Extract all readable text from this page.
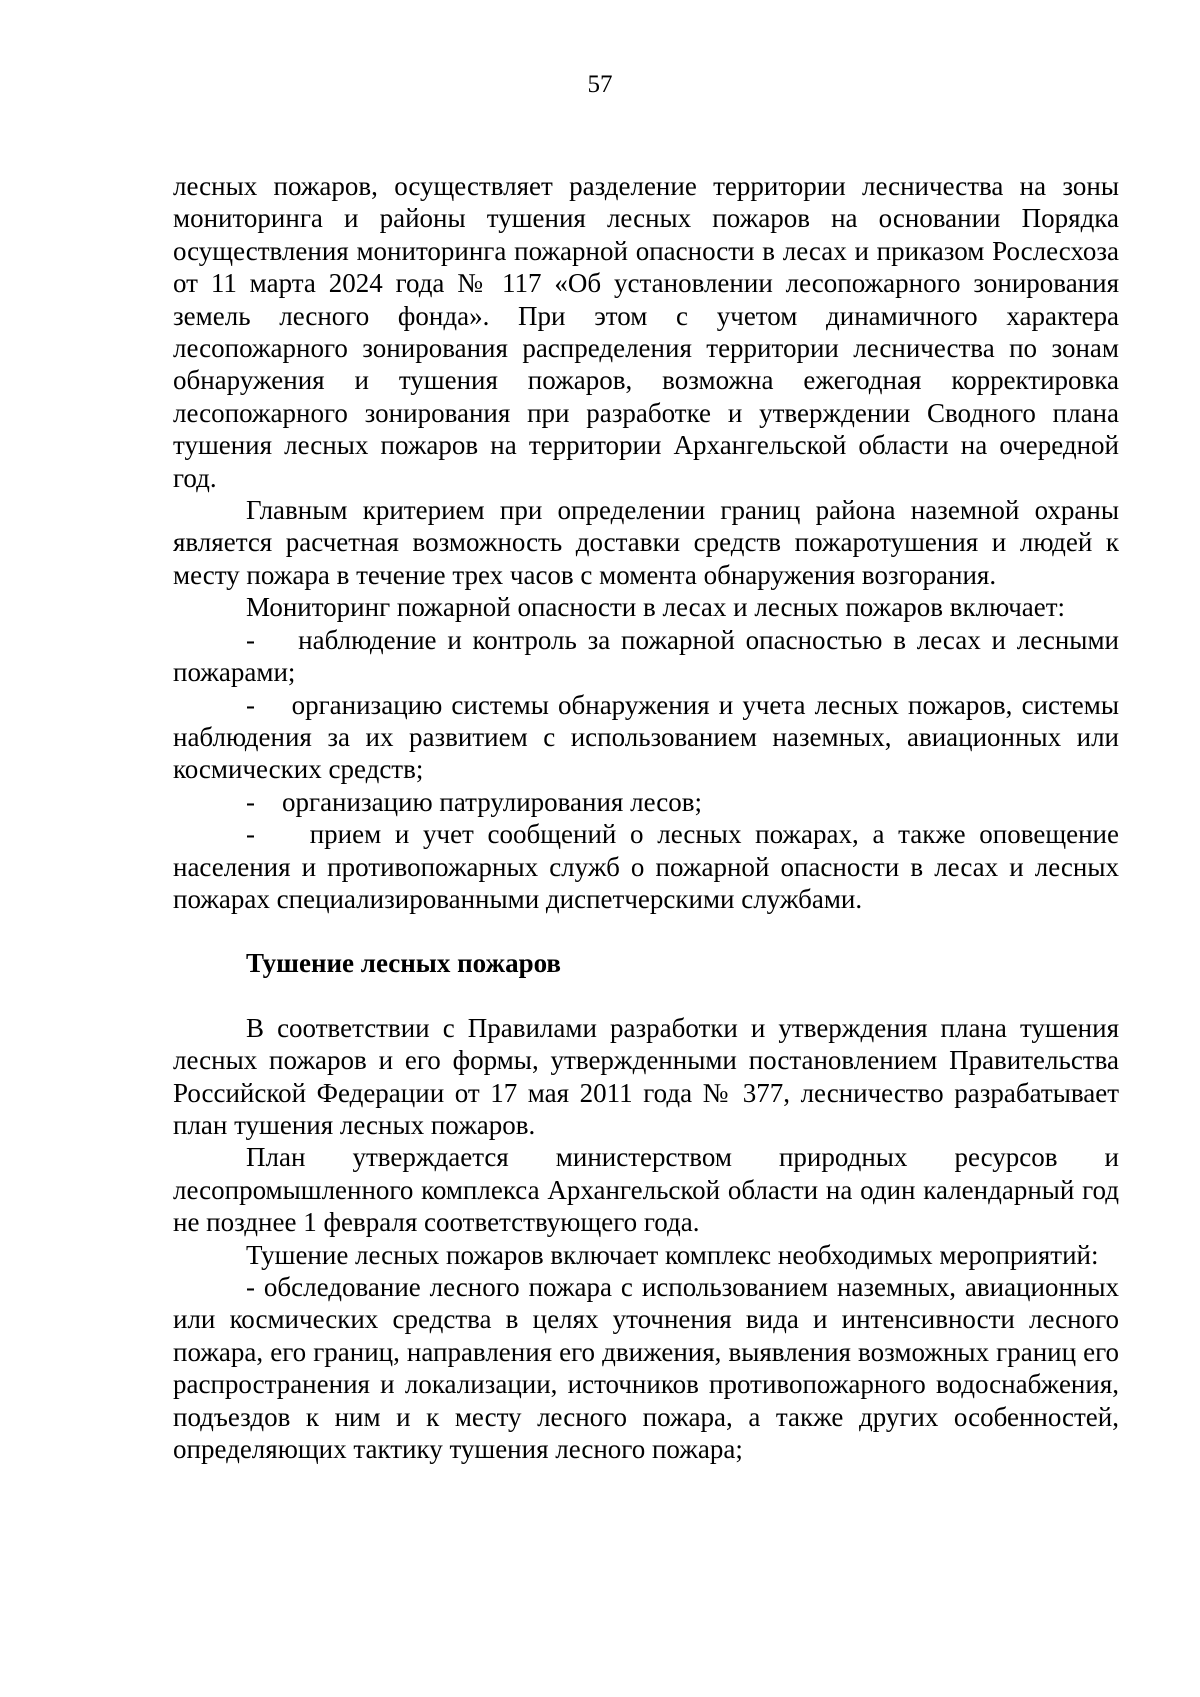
57

лесных пожаров, осуществляет разделение территории лесничества на зоны мониторинга и районы тушения лесных пожаров на основании Порядка осуществления мониторинга пожарной опасности в лесах и приказом Рослесхоза от 11 марта 2024 года № 117 «Об установлении лесопожарного зонирования земель лесного фонда». При этом с учетом динамичного характера лесопожарного зонирования распределения территории лесничества по зонам обнаружения и тушения пожаров, возможна ежегодная корректировка лесопожарного зонирования при разработке и утверждении Сводного плана тушения лесных пожаров на территории Архангельской области на очередной год.

Главным критерием при определении границ района наземной охраны является расчетная возможность доставки средств пожаротушения и людей к месту пожара в течение трех часов с момента обнаружения возгорания.

Мониторинг пожарной опасности в лесах и лесных пожаров включает:

-    наблюдение и контроль за пожарной опасностью в лесах и лесными пожарами;

-    организацию системы обнаружения и учета лесных пожаров, системы наблюдения за их развитием с использованием наземных, авиационных или космических средств;

-    организацию патрулирования лесов;

-    прием и учет сообщений о лесных пожарах, а также оповещение населения и противопожарных служб о пожарной опасности в лесах и лесных пожарах специализированными диспетчерскими службами.

Тушение лесных пожаров

В соответствии с Правилами разработки и утверждения плана тушения лесных пожаров и его формы, утвержденными постановлением Правительства Российской Федерации от 17 мая 2011 года № 377, лесничество разрабатывает план тушения лесных пожаров.

План утверждается министерством природных ресурсов и лесопромышленного комплекса Архангельской области на один календарный год не позднее 1 февраля соответствующего года.

Тушение лесных пожаров включает комплекс необходимых мероприятий:

- обследование лесного пожара с использованием наземных, авиационных или космических средства в целях уточнения вида и интенсивности лесного пожара, его границ, направления его движения, выявления возможных границ его распространения и локализации, источников противопожарного водоснабжения, подъездов к ним и к месту лесного пожара, а также других особенностей, определяющих тактику тушения лесного пожара;
